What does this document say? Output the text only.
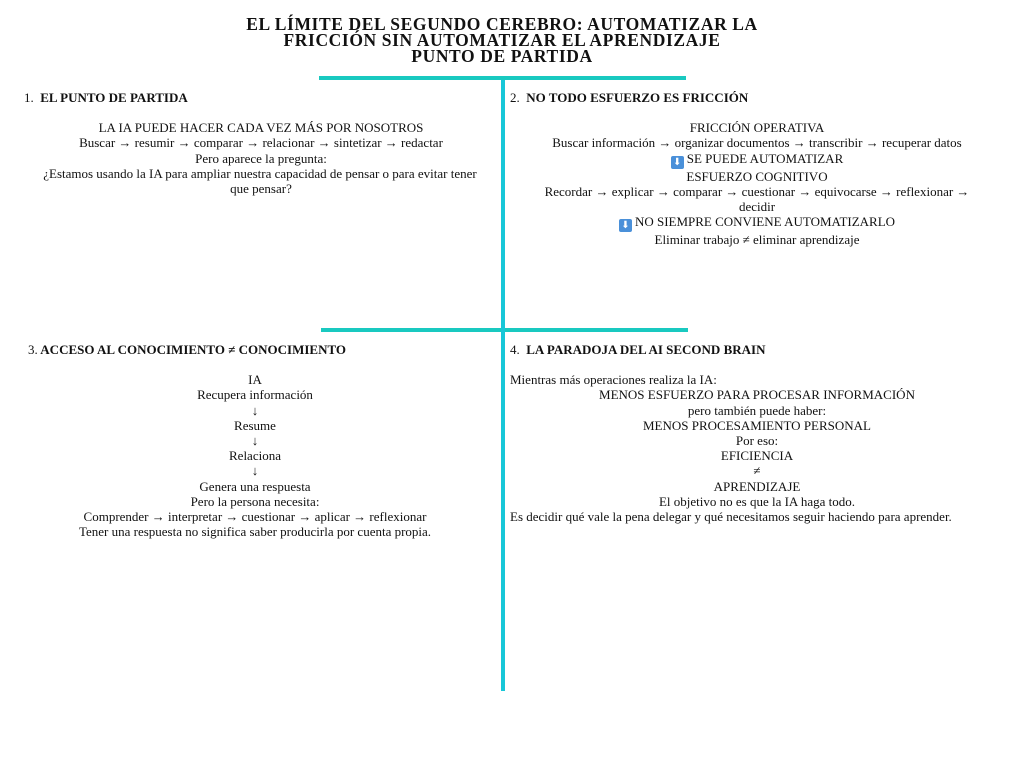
EL LÍMITE DEL SEGUNDO CEREBRO: AUTOMATIZAR LA
FRICCIÓN SIN AUTOMATIZAR EL APRENDIZAJE
PUNTO DE PARTIDA
1. EL PUNTO DE PARTIDA
LA IA PUEDE HACER CADA VEZ MÁS POR NOSOTROS
Buscar → resumir → comparar → relacionar → sintetizar → redactar
Pero aparece la pregunta:
¿Estamos usando la IA para ampliar nuestra capacidad de pensar o para evitar tener
que pensar?
2. NO TODO ESFUERZO ES FRICCIÓN
FRICCIÓN OPERATIVA
Buscar información → organizar documentos → transcribir → recuperar datos
⬇ SE PUEDE AUTOMATIZAR
ESFUERZO COGNITIVO
Recordar → explicar → comparar → cuestionar → equivocarse → reflexionar →
decidir
⬇ NO SIEMPRE CONVIENE AUTOMATIZARLO
Eliminar trabajo ≠ eliminar aprendizaje
3. ACCESO AL CONOCIMIENTO ≠ CONOCIMIENTO
IA
Recupera información
↓
Resume
↓
Relaciona
↓
Genera una respuesta
Pero la persona necesita:
Comprender → interpretar → cuestionar → aplicar → reflexionar
Tener una respuesta no significa saber producirla por cuenta propia.
4. LA PARADOJA DEL AI SECOND BRAIN
Mientras más operaciones realiza la IA:
MENOS ESFUERZO PARA PROCESAR INFORMACIÓN
pero también puede haber:
MENOS PROCESAMIENTO PERSONAL
Por eso:
EFICIENCIA
≠
APRENDIZAJE
El objetivo no es que la IA haga todo.
Es decidir qué vale la pena delegar y qué necesitamos seguir haciendo para aprender.
